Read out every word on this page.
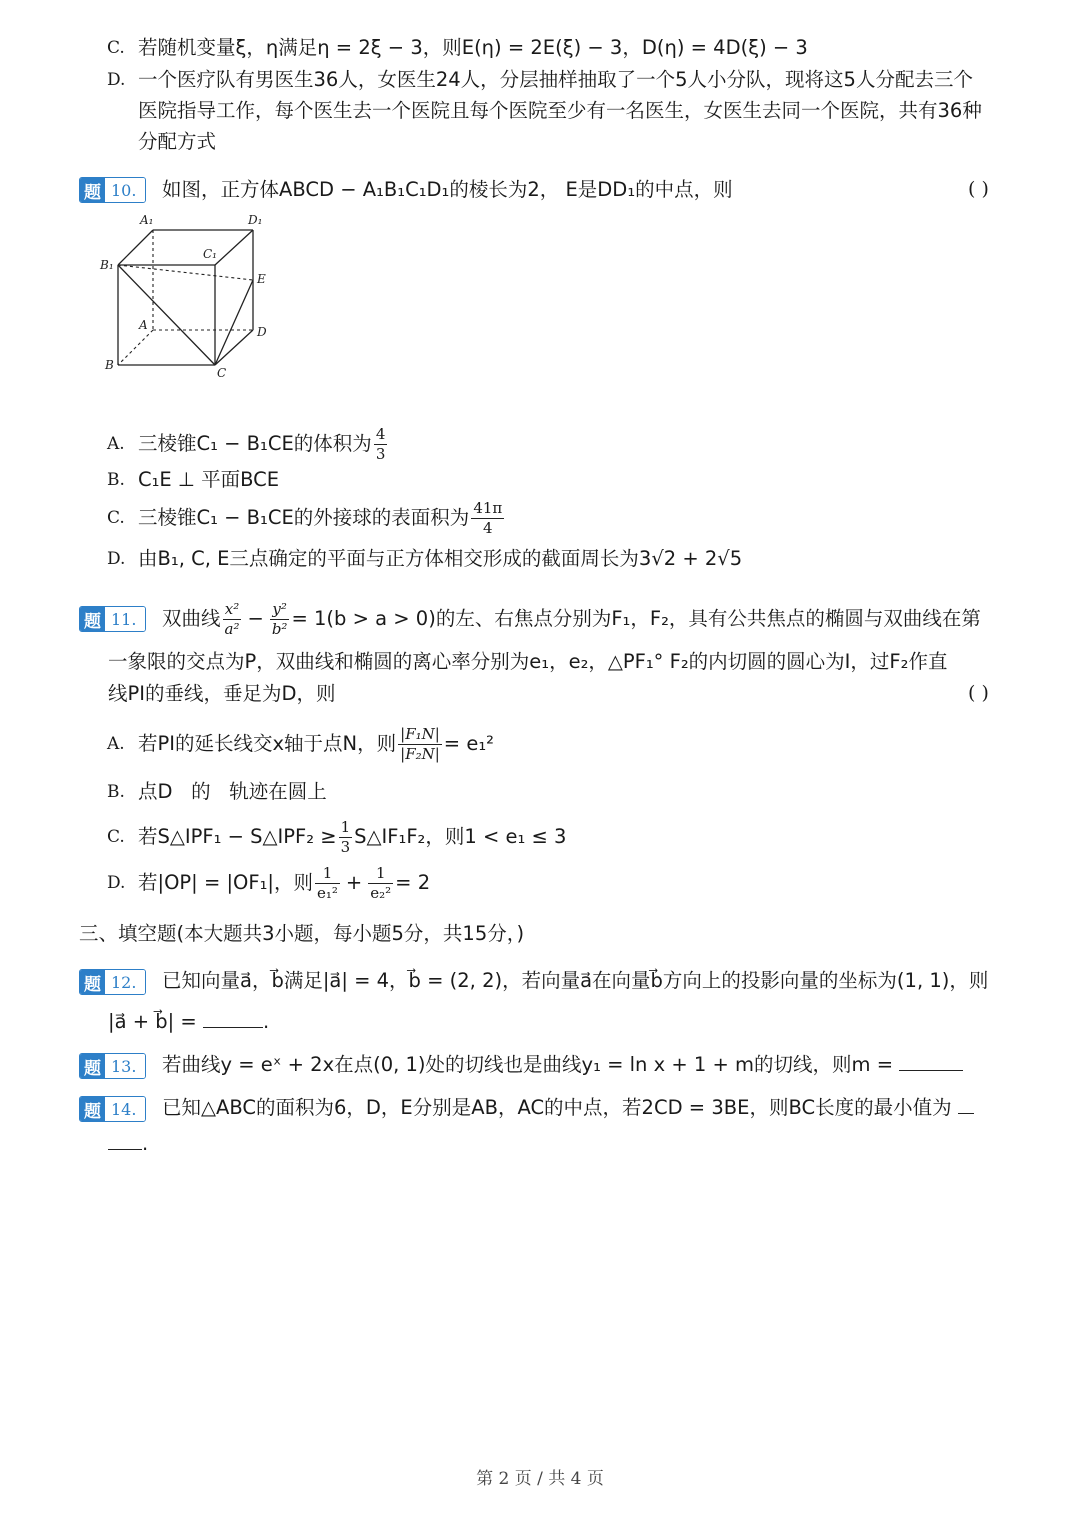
C. 若随机变量ξ，η满足η = 2ξ − 3，则E(η) = 2E(ξ) − 3，D(η) = 4D(ξ) − 3
D. 一个医疗队有男医生36人，女医生24人，分层抽样抽取了一个5人小分队，现将这5人分配去三个
医院指导工作，每个医生去一个医院且每个医院至少有一名医生，女医生去同一个医院，共有36种
分配方式
题 10.	如图，正方体ABCD − A₁B₁C₁D₁的棱长为2， E是DD₁的中点，则	( )
A₁	D₁
C₁
B₁
E
A	D
B
C
A. 三棱锥C₁ − B₁CE的体积为 $\frac{4}{3}$
B. C₁E ⊥ 平面BCE
C. 三棱锥C₁ − B₁CE的外接球的表面积为 $\frac{41\pi}{4}$
D. 由B₁, C, E三点确定的平面与正方体相交形成的截面周长为3√2 + 2√5
题 11.	双曲线 $\frac{\text{x²}}{\text{a²}} - \frac{\text{y²}}{\text{b²}} = 1(b > a > 0)$的左、右焦点分别为F₁，F₂，具有公共焦点的椭圆与双曲线在第
一象限的交点为P，双曲线和椭圆的离心率分别为e₁，e₂，△PF₁° F₂的内切圆的圆心为I，过F₂作直
线PI的垂线，垂足为D，则	( )
A. 若PI的延长线交x轴于点N，则 $\frac{\text{|F₁N|}}{\text{|F₂N|}} = e_1^2$
B. 点D   的   轨迹在圆上
C. 若S△IPF₁ − S△IPF₂ ≥ $\frac{1}{3}$ S△IF₁F₂，则1 < e₁ ≤ 3
D. 若|OP| = |OF₁|，则 $\frac{1}{\text{e₁²}} + \frac{1}{\text{e₂²}} = 2$
三、填空题(本大题共3小题，每小题5分，共15分，)
题 12.	已知向量a⃗，b⃗满足|a⃗| = 4，b⃗ = (2, 2)，若向量a⃗在向量b⃗方向上的投影向量的坐标为(1, 1)，则
|a⃗ + b⃗| =	.
题 13.	若曲线y = eˣ + 2x在点(0, 1)处的切线也是曲线y₁ = ln x + 1 + m的切线，则m =
题 14.	已知△ABC的面积为6，D，E分别是AB，AC的中点，若2CD = 3BE，则BC长度的最小值为
.
第 2 页 / 共 4 页
